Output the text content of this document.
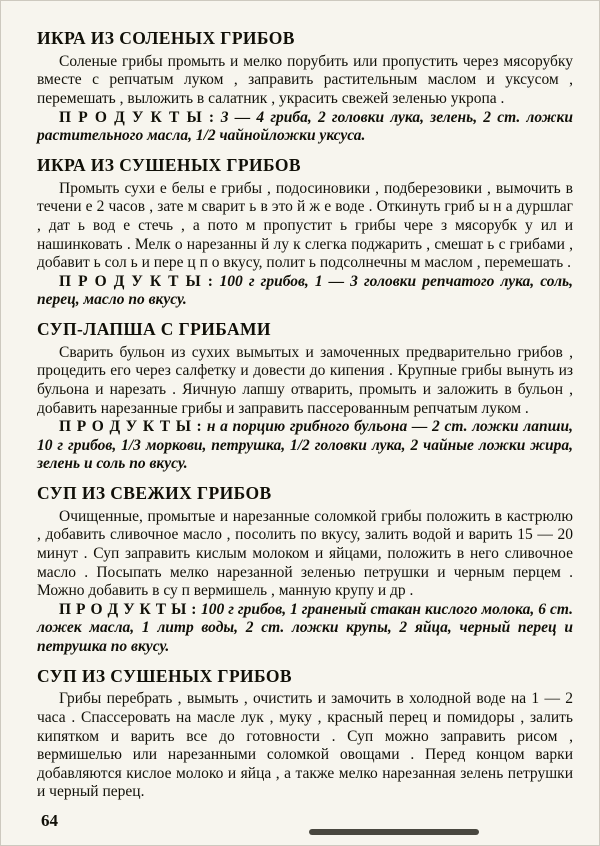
ИКРА ИЗ СОЛЕНЫХ ГРИБОВ

Соленые грибы промыть и мелко порубить или пропустить через мясорубку вместе с репчатым луком , заправить растительным маслом и уксусом , перемешать , выложить в салатник , украсить свежей зеленью укропа .

П Р О Д У К Т Ы : 3 — 4 гриба, 2 головки лука, зелень, 2 ст. ложки растительного масла, 1/2 чайнойложки уксуса.

ИКРА ИЗ СУШЕНЫХ ГРИБОВ

Промыть сухи е белы е грибы , подосиновики , подберезовики , вымочить в течени е 2 часов , зате м сварит ь в это й ж е воде . Откинуть гриб ы н а дуршлаг , дат ь вод е стечь , а пото м пропустит ь грибы чере з мясорубк у ил и нашинковать . Мелк о нарезанны й лу к слегка поджарить , смешат ь с грибами , добавит ь сол ь и пере ц п о вкусу, полит ь подсолнечны м маслом , перемешать .

П Р О Д У К Т Ы : 100 г грибов, 1 — 3 головки репчатого лука, соль, перец, масло по вкусу.

СУП-ЛАПША С ГРИБАМИ

Сварить бульон из сухих вымытых и замоченных предварительно грибов , процедить его через салфетку и довести до кипения . Крупные грибы вынуть из бульона и нарезать . Яичную лапшу отварить, промыть и заложить в бульон , добавить нарезанные грибы и заправить пассерованным репчатым луком .

П Р О Д У К Т Ы : н а порцию грибного бульона — 2 ст. ложки лапши, 10 г грибов, 1/3 моркови, петрушка, 1/2 головки лука, 2 чайные ложки жира, зелень и соль по вкусу.

СУП ИЗ СВЕЖИХ ГРИБОВ

Очищенные, промытые и нарезанные соломкой грибы положить в кастрюлю , добавить сливочное масло , посолить по вкусу, залить водой и варить 15 — 20 минут . Суп заправить кислым молоком и яйцами, положить в него сливочное масло . Посыпать мелко нарезанной зеленью петрушки и черным перцем . Можно добавить в су п вермишель , манную крупу и др .

П Р О Д У К Т Ы : 100 г грибов, 1 граненый стакан кислого молока, 6 ст. ложек масла, 1 литр воды, 2 ст. ложки крупы, 2 яйца, черный перец и петрушка по вкусу.

СУП ИЗ СУШЕНЫХ ГРИБОВ

Грибы перебрать , вымыть , очистить и замочить в холодной воде на 1 — 2 часа . Спассеровать на масле лук , муку , красный перец и помидоры , залить кипятком и варить все до готовности . Суп можно заправить рисом , вермишелью или нарезанными соломкой овощами . Перед концом варки добавляются кислое молоко и яйца , а также мелко нарезанная зелень петрушки и черный перец.

64
